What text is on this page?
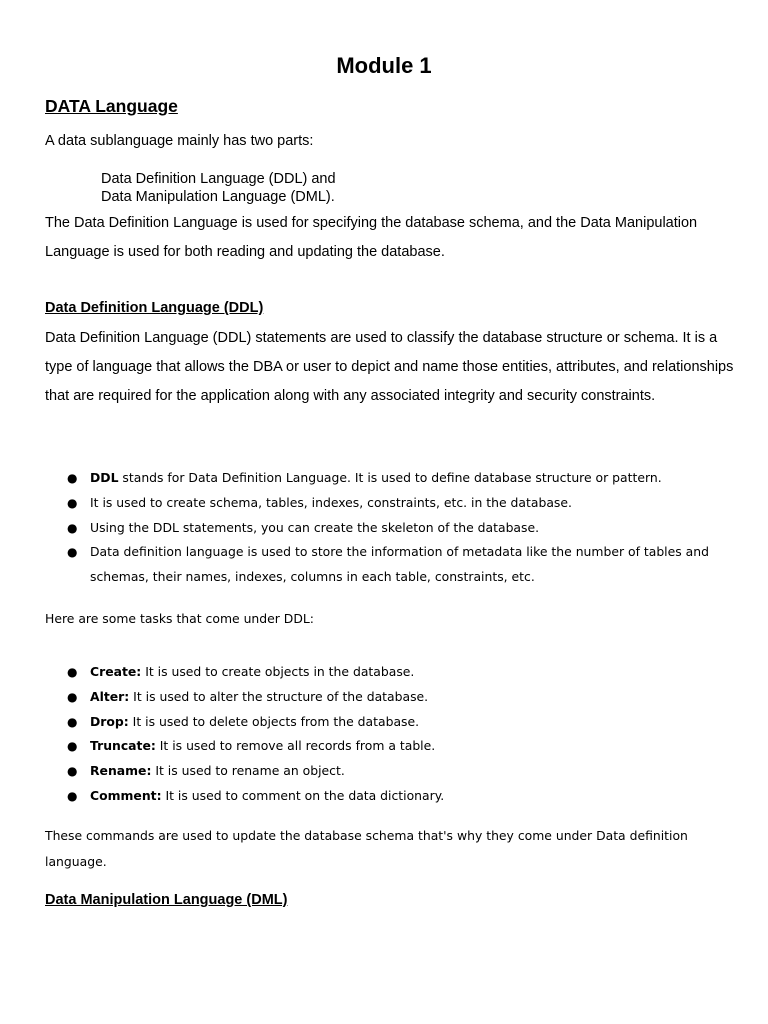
Module 1
DATA Language
A data sublanguage mainly has two parts:
Data Definition Language (DDL) and
Data Manipulation Language (DML).

The Data Definition Language is used for specifying the database schema, and the Data Manipulation Language is used for both reading and updating the database.

Data Definition Language (DDL)

Data Definition Language (DDL) statements are used to classify the database structure or schema. It is a type of language that allows the DBA or user to depict and name those entities, attributes, and relationships that are required for the application along with any associated integrity and security constraints.

● DDL stands for Data Definition Language. It is used to define database structure or pattern.
● It is used to create schema, tables, indexes, constraints, etc. in the database.
● Using the DDL statements, you can create the skeleton of the database.
● Data definition language is used to store the information of metadata like the number of tables and schemas, their names, indexes, columns in each table, constraints, etc.
Here are some tasks that come under DDL:
● Create: It is used to create objects in the database.
● Alter: It is used to alter the structure of the database.
● Drop: It is used to delete objects from the database.
● Truncate: It is used to remove all records from a table.
● Rename: It is used to rename an object.
● Comment: It is used to comment on the data dictionary.

These commands are used to update the database schema that's why they come under Data definition language.

Data Manipulation Language (DML)
